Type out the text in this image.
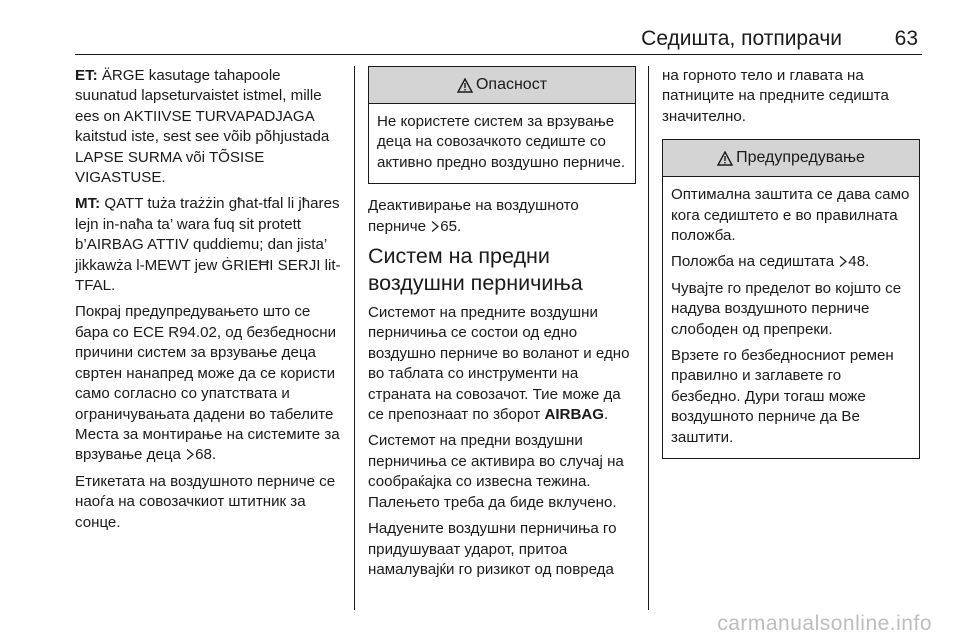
Седишта, потпирачи	63

ET: ÄRGE kasutage tahapoole suunatud lapseturvaistet istmel, mille ees on AKTIIVSE TURVAPADJAGA kaitstud iste, sest see võib põhjustada LAPSE SURMA või TÕSISE VIGASTUSE.

MT: QATT tuża trażżin għat-tfal li jħares lejn in-naħa ta’ wara fuq sit protett b’AIRBAG ATTIV quddiemu; dan jista’ jikkawża l-MEWT jew ĠRIEĦI SERJI lit-TFAL.

Покрај предупредувањето што се бара со ECE R94.02, од безбедносни причини систем за врзување деца свртен нанапред може да се користи само согласно со упатствата и ограничувањата дадени во табелите Места за монтирање на системите за врзување деца 68.

Етикетата на воздушното перниче се наоѓа на совозачкиот штитник за сонце.

Опасност

Не користете систем за врзување деца на совозачкото седиште со активно предно воздушно перниче.

Деактивирање на воздушното перниче 65.

Систем на предни воздушни перничиња

Системот на предните воздушни перничиња се состои од едно воздушно перниче во воланот и едно во таблата со инструменти на страната на совозачот. Тие може да се препознаат по зборот AIRBAG.

Системот на предни воздушни перничиња се активира во случај на сообраќајка со извесна тежина. Палењето треба да биде вклучено.

Надуените воздушни перничиња го придушуваат ударот, притоа намалувајќи го ризикот од повреда

на горното тело и главата на патниците на предните седишта значително.

Предупредување

Оптимална заштита се дава само кога седиштето е во правилната положба.

Положба на седиштата 48.

Чувајте го пределот во којшто се надува воздушното перниче слободен од препреки.

Врзете го безбедносниот ремен правилно и заглавете го безбедно. Дури тогаш може воздушното перниче да Ве заштити.

carmanualsonline.info
